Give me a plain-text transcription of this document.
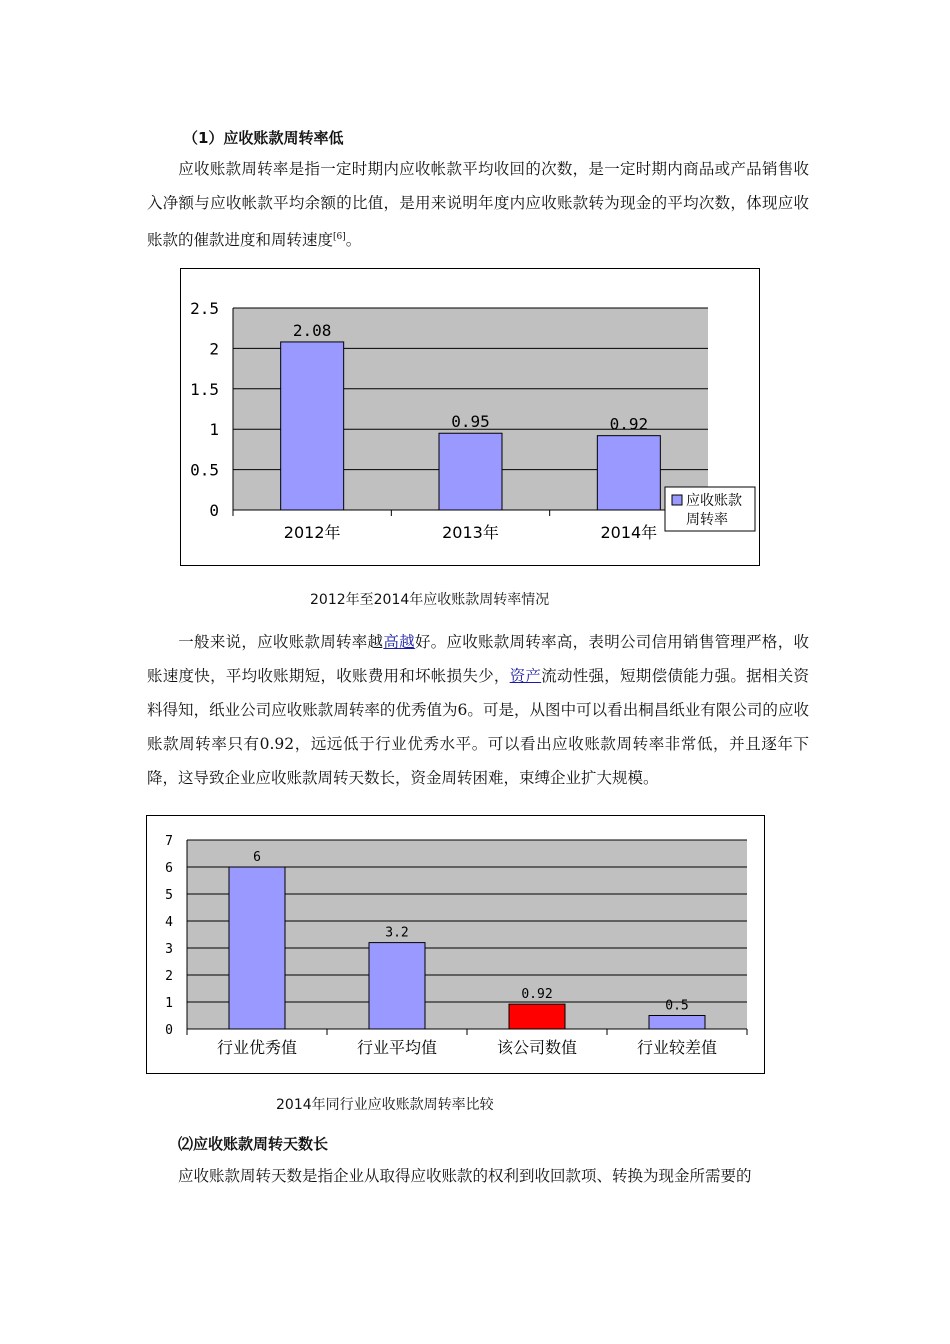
（1）应收账款周转率低

应收账款周转率是指一定时期内应收帐款平均收回的次数，是一定时期内商品或产品销售收入净额与应收帐款平均余额的比值，是用来说明年度内应收账款转为现金的平均次数，体现应收账款的催款进度和周转速度[6]。

0
0.5
1
1.5
2
2.5
2.08
2012年
0.95
2013年
0.92
2014年
应收账款
周转率
2012年至2014年应收账款周转率情况

一般来说，应收账款周转率越高越好。应收账款周转率高，表明公司信用销售管理严格，收账速度快，平均收账期短，收账费用和坏帐损失少，资产流动性强，短期偿债能力强。据相关资料得知，纸业公司应收账款周转率的优秀值为6。可是，从图中可以看出桐昌纸业有限公司的应收账款周转率只有0.92，远远低于行业优秀水平。可以看出应收账款周转率非常低，并且逐年下降，这导致企业应收账款周转天数长，资金周转困难，束缚企业扩大规模。

0
1
2
3
4
5
6
7
6
行业优秀值
3.2
行业平均值
0.92
该公司数值
0.5
行业较差值
2014年同行业应收账款周转率比较
⑵应收账款周转天数长

应收账款周转天数是指企业从取得应收账款的权利到收回款项、转换为现金所需要的
